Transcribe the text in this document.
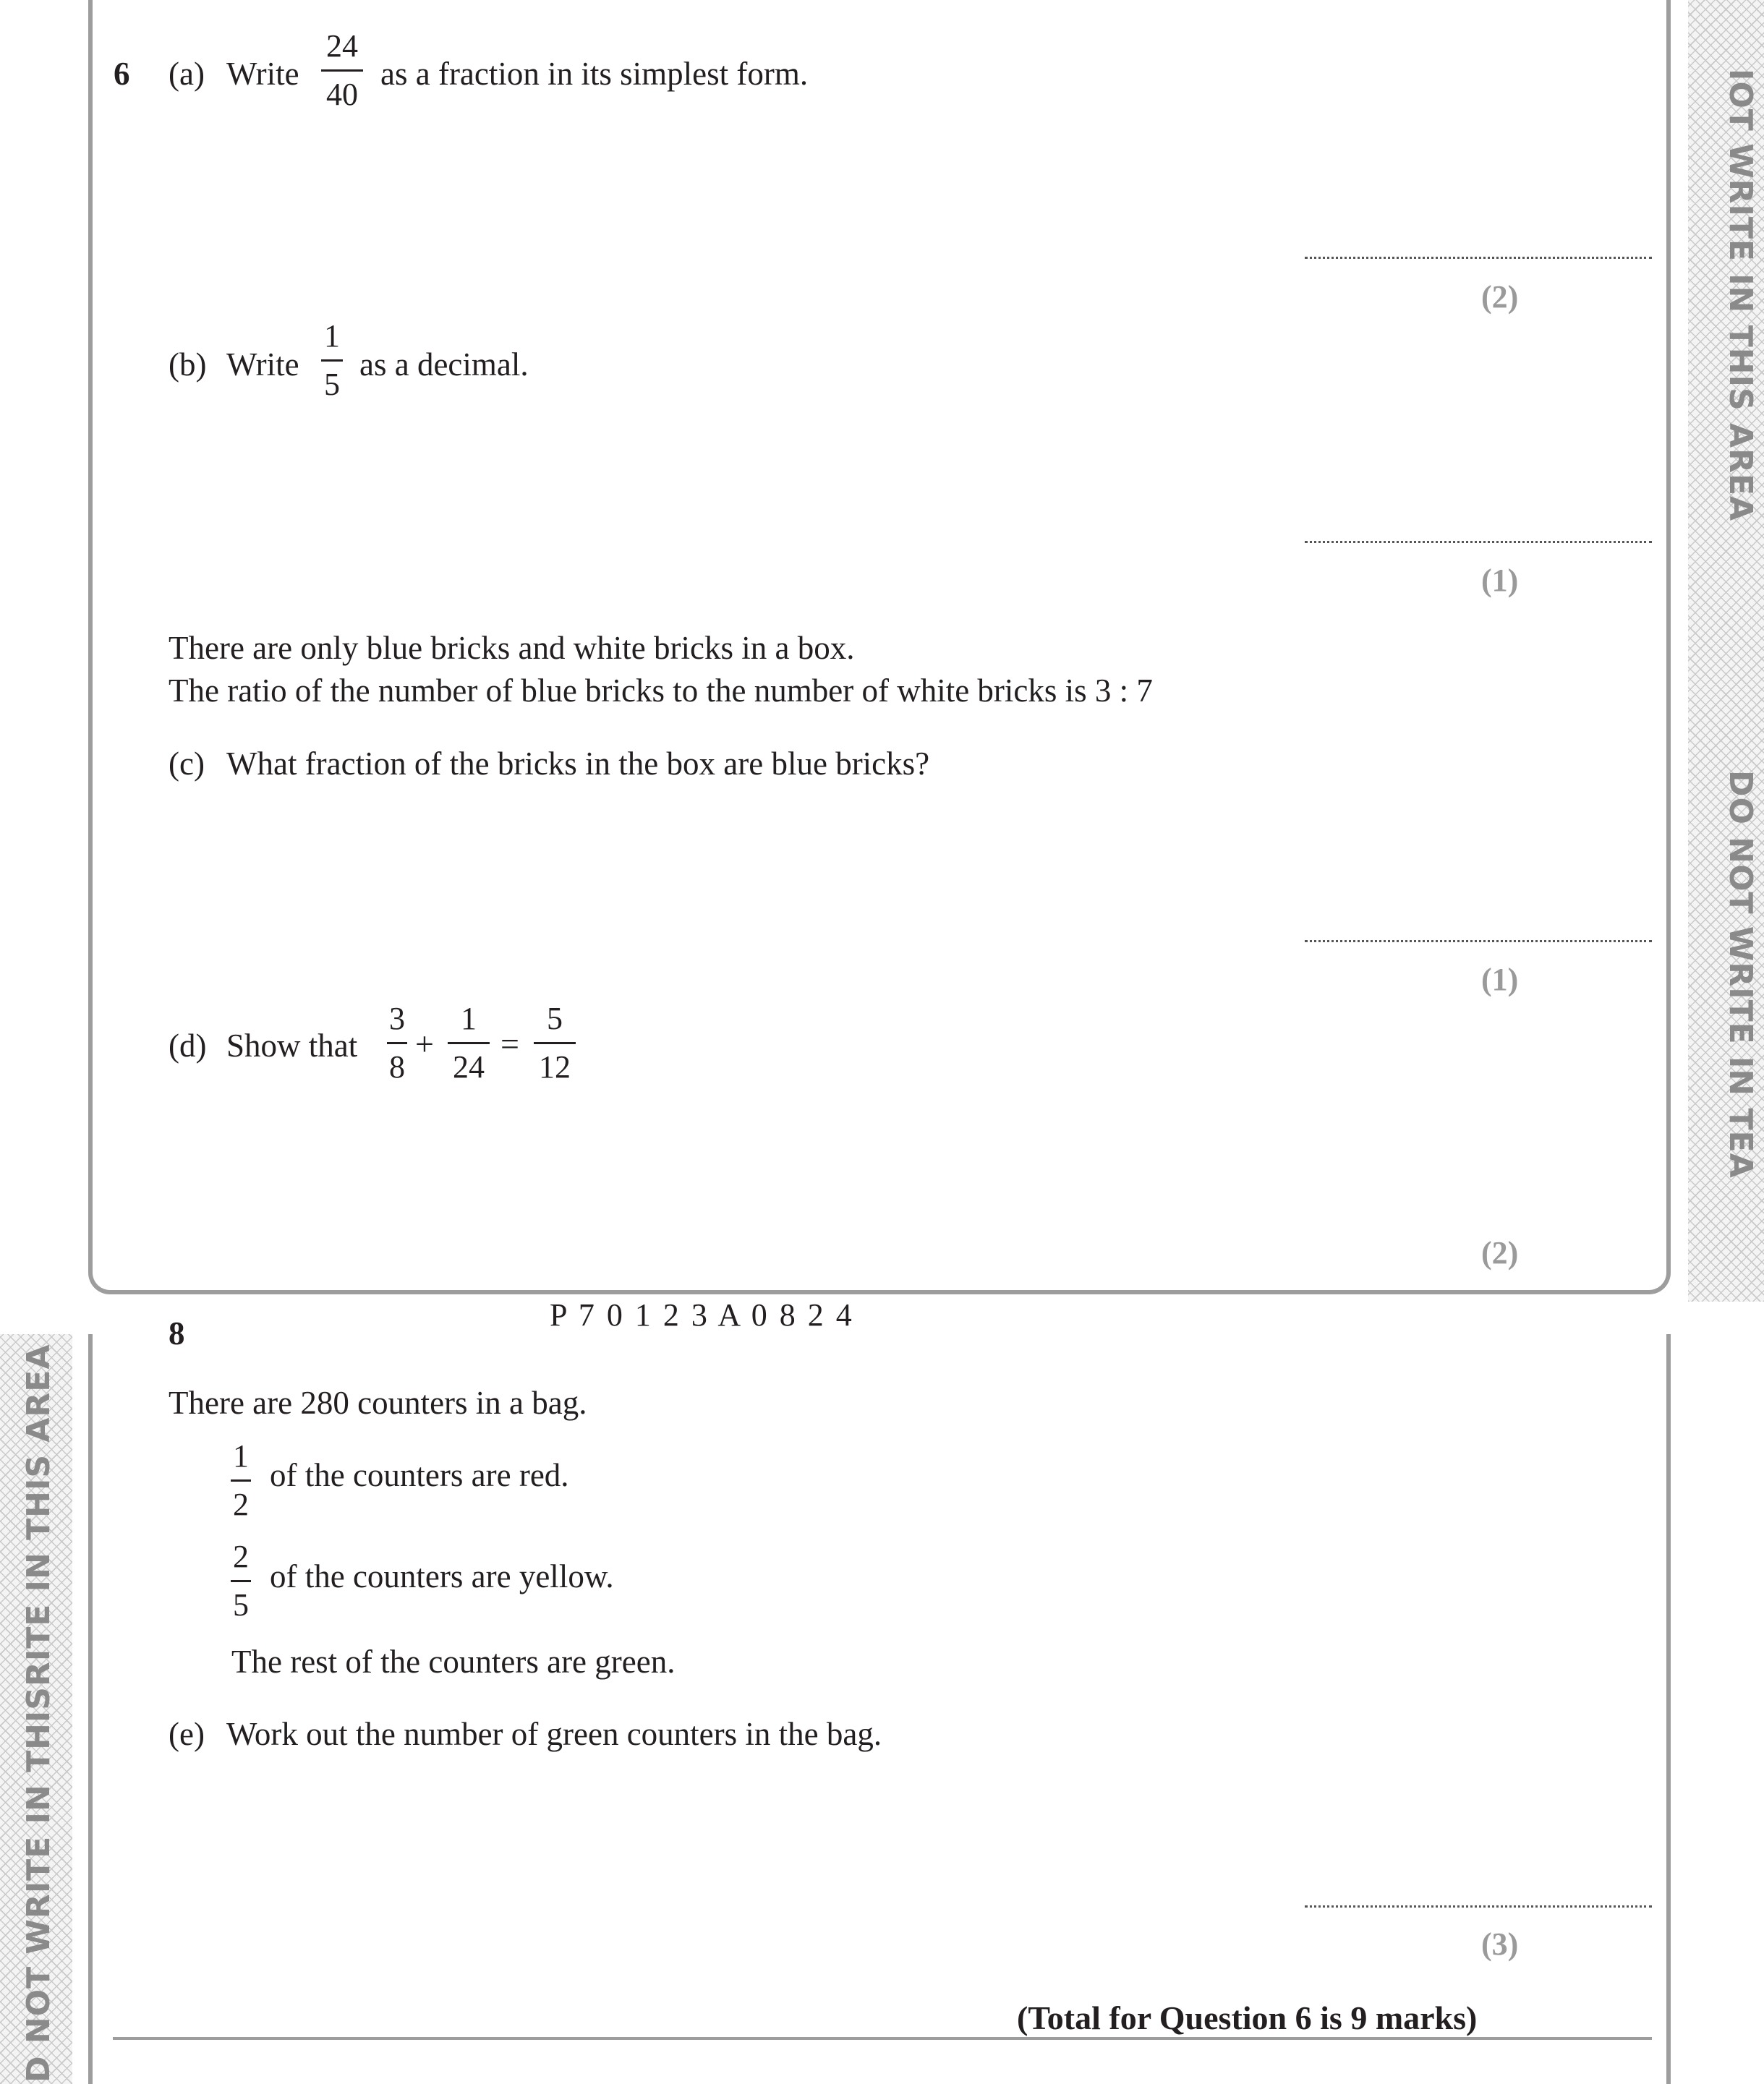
IOT WRITE IN THIS AREA
DO NOT WRITE IN TEA
D NOT WRITE IN THISRITE IN THIS AREA
6 (a) Write
24
40
as a fraction in its simplest form.
(2)
(b) Write
1
5
as a decimal.
(1)
There are only blue bricks and white bricks in a box.
The ratio of the number of blue bricks to the number of white bricks is 3 : 7
(c) What fraction of the bricks in the box are blue bricks?
(1)
(d) Show that
3
8
+
1
24
=
5
12
(2)
8
P 7 0 1 2 3 A 0 8 2 4
There are 280 counters in a bag.
1
2
of the counters are red.
2
5
of the counters are yellow.
The rest of the counters are green.
(e) Work out the number of green counters in the bag.
(3)
(Total for Question 6 is 9 marks)
